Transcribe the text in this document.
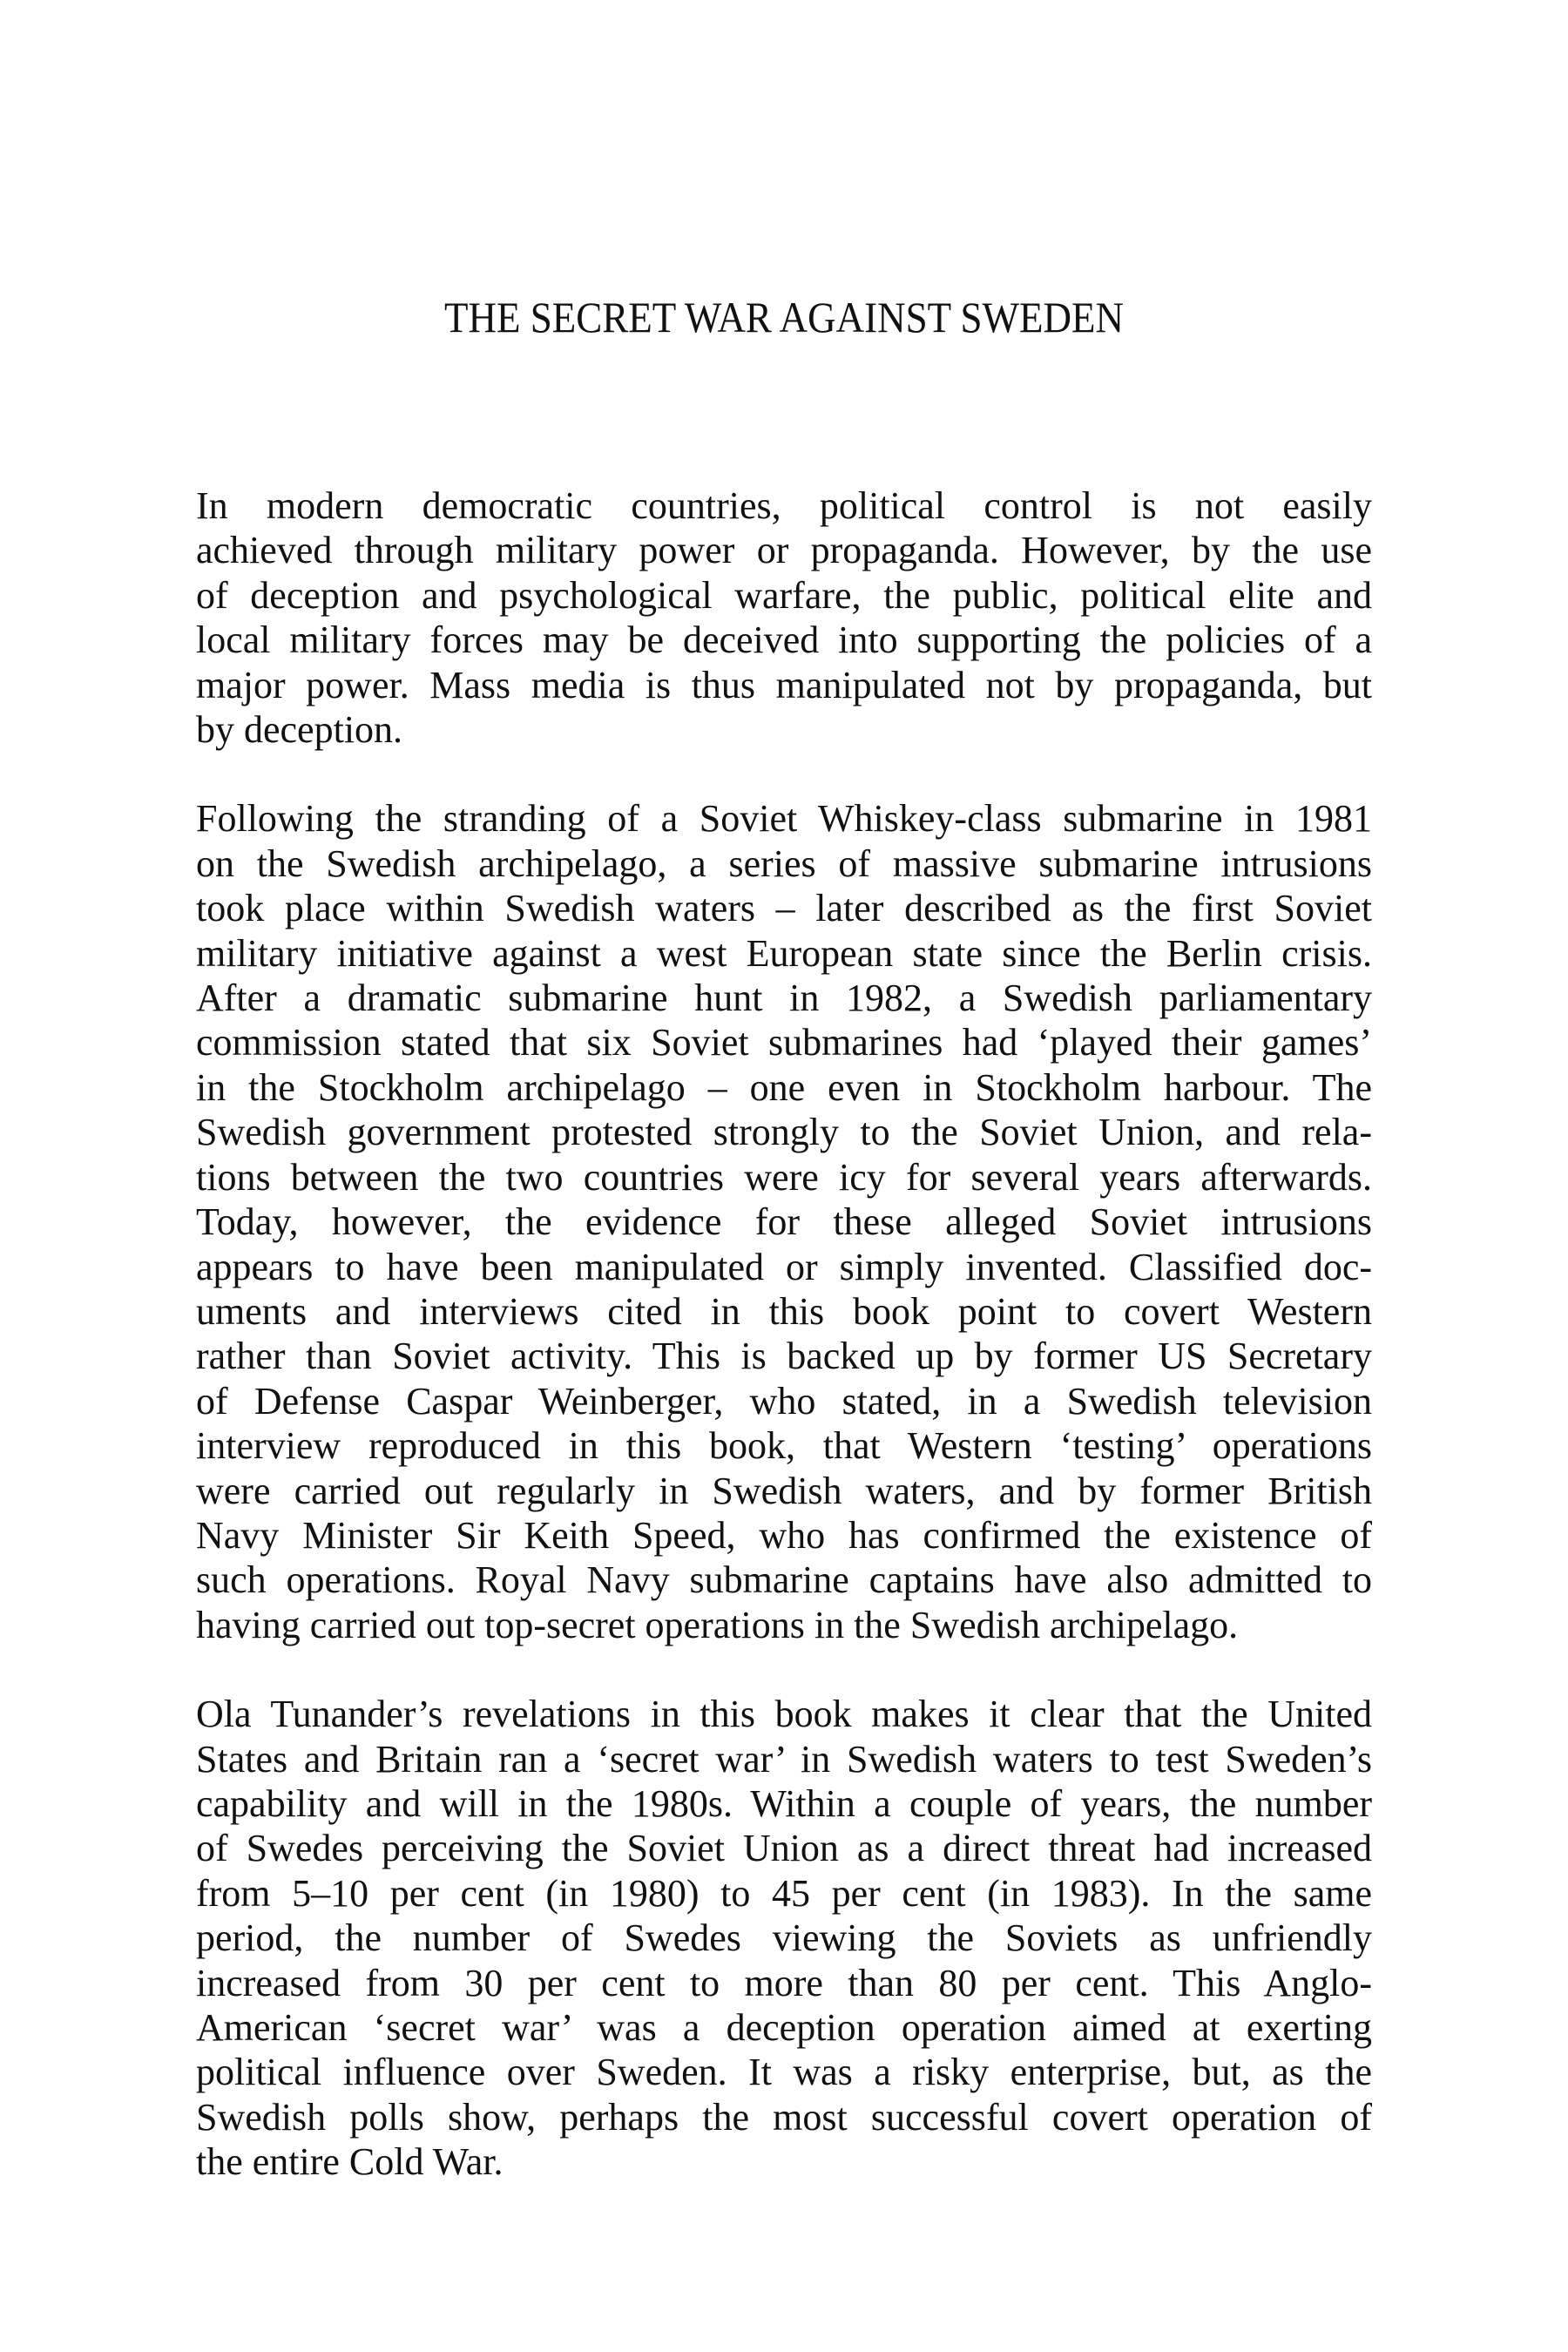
THE SECRET WAR AGAINST SWEDEN

In modern democratic countries, political control is not easily
achieved through military power or propaganda. However, by the use
of deception and psychological warfare, the public, political elite and
local military forces may be deceived into supporting the policies of a
major power. Mass media is thus manipulated not by propaganda, but
by deception.

Following the stranding of a Soviet Whiskey-class submarine in 1981
on the Swedish archipelago, a series of massive submarine intrusions
took place within Swedish waters – later described as the first Soviet
military initiative against a west European state since the Berlin crisis.
After a dramatic submarine hunt in 1982, a Swedish parliamentary
commission stated that six Soviet submarines had ‘played their games’
in the Stockholm archipelago – one even in Stockholm harbour. The
Swedish government protested strongly to the Soviet Union, and rela-
tions between the two countries were icy for several years afterwards.
Today, however, the evidence for these alleged Soviet intrusions
appears to have been manipulated or simply invented. Classified doc-
uments and interviews cited in this book point to covert Western
rather than Soviet activity. This is backed up by former US Secretary
of Defense Caspar Weinberger, who stated, in a Swedish television
interview reproduced in this book, that Western ‘testing’ operations
were carried out regularly in Swedish waters, and by former British
Navy Minister Sir Keith Speed, who has confirmed the existence of
such operations. Royal Navy submarine captains have also admitted to
having carried out top-secret operations in the Swedish archipelago.

Ola Tunander’s revelations in this book makes it clear that the United
States and Britain ran a ‘secret war’ in Swedish waters to test Sweden’s
capability and will in the 1980s. Within a couple of years, the number
of Swedes perceiving the Soviet Union as a direct threat had increased
from 5–10 per cent (in 1980) to 45 per cent (in 1983). In the same
period, the number of Swedes viewing the Soviets as unfriendly
increased from 30 per cent to more than 80 per cent. This Anglo-
American ‘secret war’ was a deception operation aimed at exerting
political influence over Sweden. It was a risky enterprise, but, as the
Swedish polls show, perhaps the most successful covert operation of
the entire Cold War.
